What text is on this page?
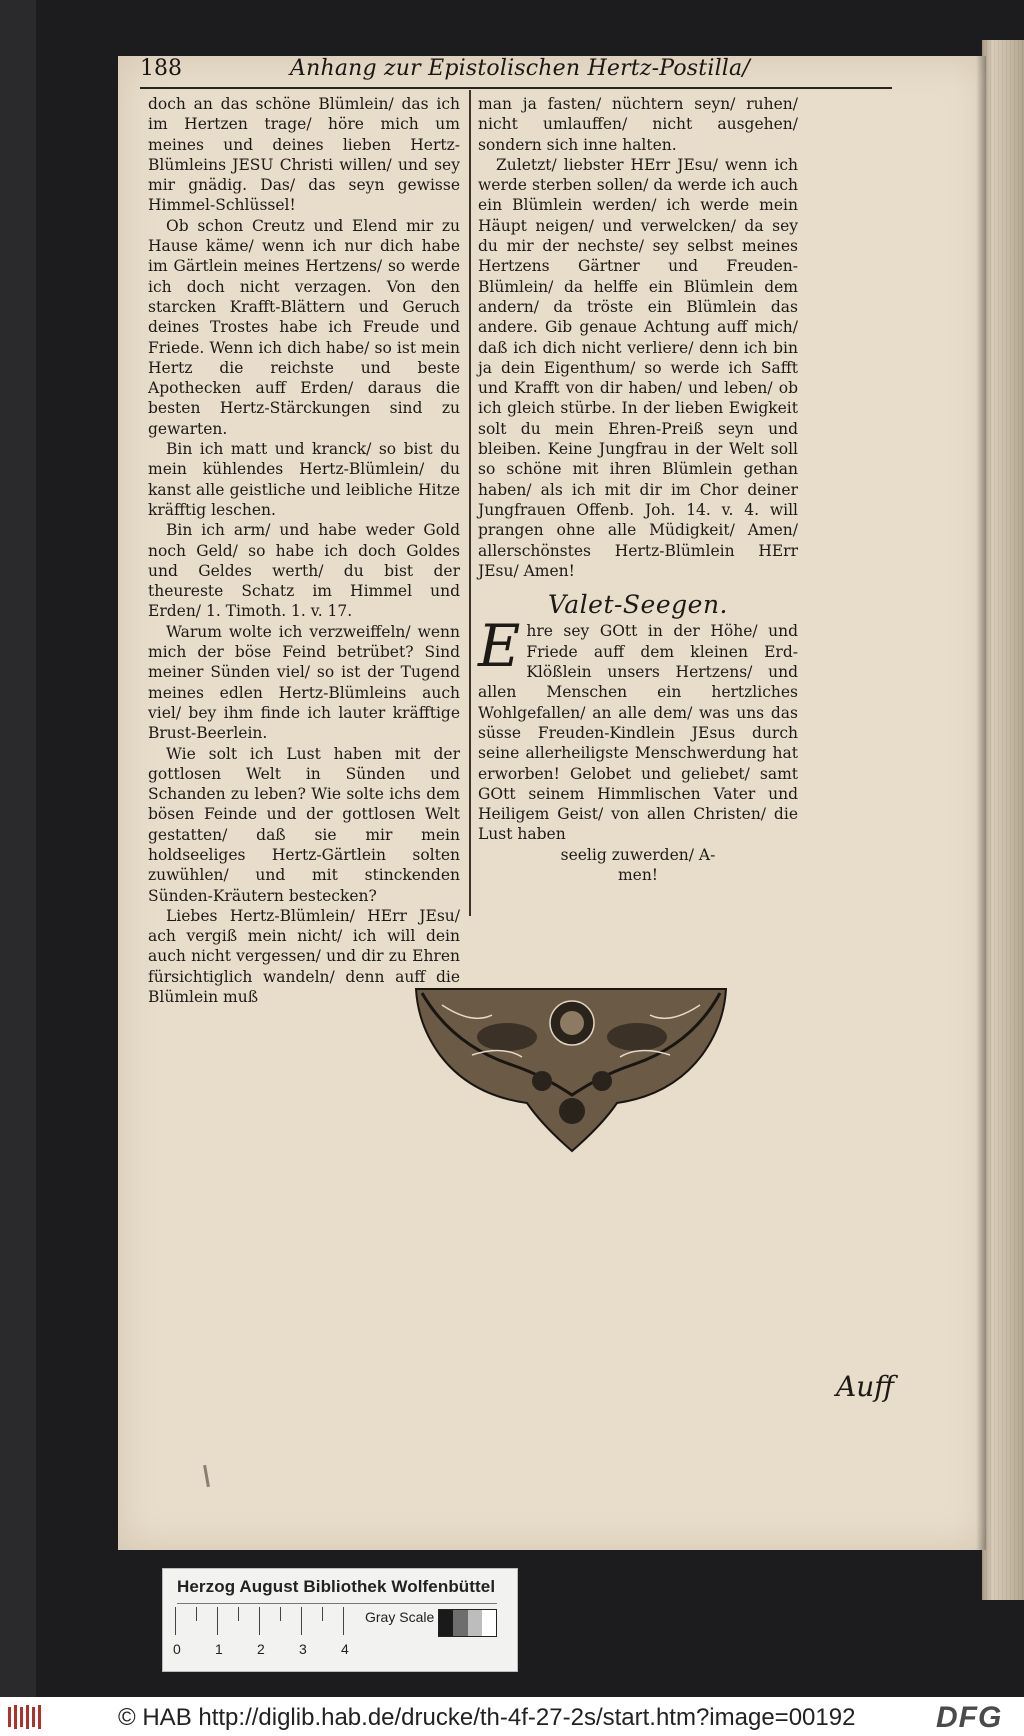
188	Anhang zur Epistolischen Hertz-Postilla/

doch an das schöne Blümlein/ das ich im Hertzen trage/ höre mich um meines und deines lieben Hertz-Blümleins JESU Christi willen/ und sey mir gnädig. Das/ das seyn gewisse Himmel-Schlüssel!

Ob schon Creutz und Elend mir zu Hause käme/ wenn ich nur dich habe im Gärtlein meines Hertzens/ so werde ich doch nicht verzagen. Von den starcken Krafft-Blättern und Geruch deines Trostes habe ich Freude und Friede. Wenn ich dich habe/ so ist mein Hertz die reichste und beste Apothecken auff Erden/ daraus die besten Hertz-Stärckungen sind zu gewarten.

Bin ich matt und kranck/ so bist du mein kühlendes Hertz-Blümlein/ du kanst alle geistliche und leibliche Hitze kräfftig leschen.

Bin ich arm/ und habe weder Gold noch Geld/ so habe ich doch Goldes und Geldes werth/ du bist der theureste Schatz im Himmel und Erden/ 1. Timoth. 1. v. 17.

Warum wolte ich verzweiffeln/ wenn mich der böse Feind betrübet? Sind meiner Sünden viel/ so ist der Tugend meines edlen Hertz-Blümleins auch viel/ bey ihm finde ich lauter kräfftige Brust-Beerlein.

Wie solt ich Lust haben mit der gottlosen Welt in Sünden und Schanden zu leben? Wie solte ichs dem bösen Feinde und der gottlosen Welt gestatten/ daß sie mir mein holdseeliges Hertz-Gärtlein solten zuwühlen/ und mit stinckenden Sünden-Kräutern bestecken?

Liebes Hertz-Blümlein/ HErr JEsu/ ach vergiß mein nicht/ ich will dein auch nicht vergessen/ und dir zu Ehren fürsichtiglich wandeln/ denn auff die Blümlein muß

man ja fasten/ nüchtern seyn/ ruhen/ nicht umlauffen/ nicht ausgehen/ sondern sich inne halten.

Zuletzt/ liebster HErr JEsu/ wenn ich werde sterben sollen/ da werde ich auch ein Blümlein werden/ ich werde mein Häupt neigen/ und verwelcken/ da sey du mir der nechste/ sey selbst meines Hertzens Gärtner und Freuden-Blümlein/ da helffe ein Blümlein dem andern/ da tröste ein Blümlein das andere. Gib genaue Achtung auff mich/ daß ich dich nicht verliere/ denn ich bin ja dein Eigenthum/ so werde ich Safft und Krafft von dir haben/ und leben/ ob ich gleich stürbe. In der lieben Ewigkeit solt du mein Ehren-Preiß seyn und bleiben. Keine Jungfrau in der Welt soll so schöne mit ihren Blümlein gethan haben/ als ich mit dir im Chor deiner Jungfrauen Offenb. Joh. 14. v. 4. will prangen ohne alle Müdigkeit/ Amen/ allerschönstes Hertz-Blümlein HErr JEsu/ Amen!

Valet-Seegen.

Ehre sey GOtt in der Höhe/ und Friede auff dem kleinen Erd-Klößlein unsers Hertzens/ und allen Menschen ein hertzliches Wohlgefallen/ an alle dem/ was uns das süsse Freuden-Kindlein JEsus durch seine allerheiligste Menschwerdung hat erworben! Gelobet und geliebet/ samt GOtt seinem Himmlischen Vater und Heiligem Geist/ von allen Christen/ die Lust haben

seelig zuwerden/ A-
men!
Auff
Herzog August Bibliothek Wolfenbüttel
0 1 2 3 4
Gray Scale
© HAB http://diglib.hab.de/drucke/th-4f-27-2s/start.htm?image=00192	DFG
